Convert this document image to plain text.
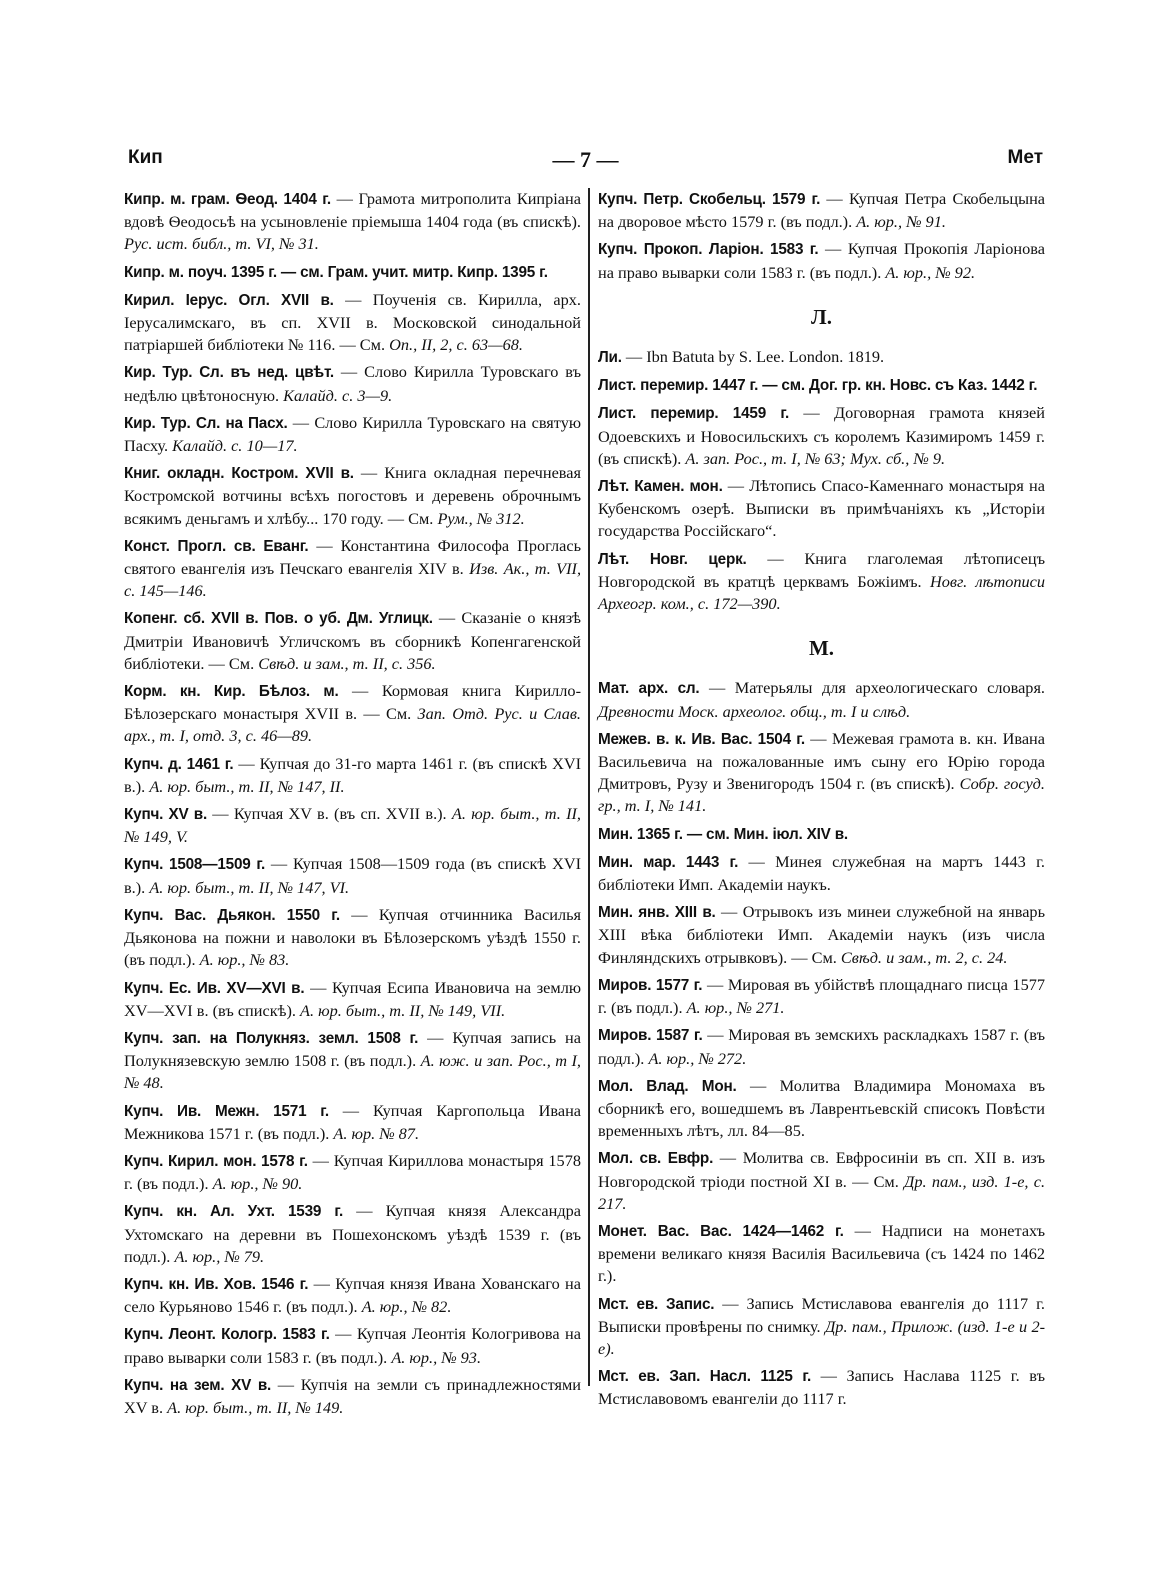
Кип	— 7 —	Мет
Кипр. м. грам. Ѳеод. 1404 г. — Грамота митрополита Кипріана вдовѣ Ѳеодосьѣ на усыновленіе пріемыша 1404 года (въ спискѣ). Рус. ист. библ., т. VI, № 31.
Кипр. м. поуч. 1395 г. — см. Грам. учит. митр. Кипр. 1395 г.
Кирил. Іерус. Огл. XVII в. — Поученія св. Кирилла, арх. Іерусалимскаго, въ сп. XVII в. Московской синодальной патріаршей библіотеки № 116. — См. Оп., II, 2, с. 63—68.
Кир. Тур. Сл. въ нед. цвѣт. — Слово Кирилла Туровскаго въ недѣлю цвѣтоносную. Калайд. с. 3—9.
Кир. Тур. Сл. на Пасх. — Слово Кирилла Туровскаго на святую Пасху. Калайд. с. 10—17.
Книг. окладн. Костром. XVII в. — Книга окладная перечневая Костромской вотчины всѣхъ погостовъ и деревень оброчнымъ всякимъ деньгамъ и хлѣбу... 170 году. — См. Рум., № 312.
Конст. Прогл. св. Еванг. — Константина Философа Проглась святого евангелія изъ Печскаго евангелія XIV в. Изв. Ак., т. VII, с. 145—146.
Копенг. сб. XVII в. Пов. о уб. Дм. Углицк. — Сказаніе о князѣ Дмитріи Ивановичѣ Угличскомъ въ сборникѣ Копенгагенской библіотеки. — См. Свѣд. и зам., т. II, с. 356.
Корм. кн. Кир. Бѣлоз. м. — Кормовая книга Кирилло-Бѣлозерскаго монастыря XVII в. — См. Зап. Отд. Рус. и Слав. арх., т. I, отд. 3, с. 46—89.
Купч. д. 1461 г. — Купчая до 31-го марта 1461 г. (въ спискѣ XVI в.). А. юр. быт., т. II, № 147, II.
Купч. XV в. — Купчая XV в. (въ сп. XVII в.). А. юр. быт., т. II, № 149, V.
Купч. 1508—1509 г. — Купчая 1508—1509 года (въ спискѣ XVI в.). А. юр. быт., т. II, № 147, VI.
Купч. Вас. Дьякон. 1550 г. — Купчая отчинника Василья Дьяконова на пожни и наволоки въ Бѣлозерскомъ уѣздѣ 1550 г. (въ подл.). А. юр., № 83.
Купч. Ес. Ив. XV—XVI в. — Купчая Есипа Ивановича на землю XV—XVI в. (въ спискѣ). А. юр. быт., т. II, № 149, VII.
Купч. зап. на Полукняз. земл. 1508 г. — Купчая запись на Полукнязевскую землю 1508 г. (въ подл.). А. юж. и зап. Рос., т I, № 48.
Купч. Ив. Межн. 1571 г. — Купчая Каргопольца Ивана Межникова 1571 г. (въ подл.). А. юр. № 87.
Купч. Кирил. мон. 1578 г. — Купчая Кириллова монастыря 1578 г. (въ подл.). А. юр., № 90.
Купч. кн. Ал. Ухт. 1539 г. — Купчая князя Александра Ухтомскаго на деревни въ Пошехонскомъ уѣздѣ 1539 г. (въ подл.). А. юр., № 79.
Купч. кн. Ив. Хов. 1546 г. — Купчая князя Ивана Хованскаго на село Курьяново 1546 г. (въ подл.). А. юр., № 82.
Купч. Леонт. Кологр. 1583 г. — Купчая Леонтія Кологривова на право выварки соли 1583 г. (въ подл.). А. юр., № 93.
Купч. на зем. XV в. — Купчія на земли съ принадлежностями XV в. А. юр. быт., т. II, № 149.
Купч. Петр. Скобельц. 1579 г. — Купчая Петра Скобельцына на дворовое мѣсто 1579 г. (въ подл.). А. юр., № 91.
Купч. Прокоп. Ларіон. 1583 г. — Купчая Прокопія Ларіонова на право выварки соли 1583 г. (въ подл.). А. юр., № 92.
Л.
Ли. — Ibn Batuta by S. Lee. London. 1819.
Лист. перемир. 1447 г. — см. Дог. гр. кн. Новс. съ Каз. 1442 г.
Лист. перемир. 1459 г. — Договорная грамота князей Одоевскихъ и Новосильскихъ съ королемъ Казимиромъ 1459 г. (въ спискѣ). А. зап. Рос., т. I, № 63; Мух. сб., № 9.
Лѣт. Камен. мон. — Лѣтопись Спасо-Каменнаго монастыря на Кубенскомъ озерѣ. Выписки въ примѣчаніяхъ къ „Исторіи государства Россійскаго“.
Лѣт. Новг. церк. — Книга глаголемая лѣтописецъ Новгородской въ кратцѣ церквамъ Божіимъ. Новг. лѣтописи Археогр. ком., с. 172—390.
М.
Мат. арх. сл. — Матерьялы для археологическаго словаря. Древности Моск. археолог. общ., т. I и слѣд.
Межев. в. к. Ив. Вас. 1504 г. — Межевая грамота в. кн. Ивана Васильевича на пожалованные имъ сыну его Юрію города Дмитровъ, Рузу и Звенигородъ 1504 г. (въ спискѣ). Собр. госуд. гр., т. I, № 141.
Мин. 1365 г. — см. Мин. іюл. XIV в.
Мин. мар. 1443 г. — Минея служебная на мартъ 1443 г. библіотеки Имп. Академіи наукъ.
Мин. янв. XIII в. — Отрывокъ изъ минеи служебной на январь XIII вѣка библіотеки Имп. Академіи наукъ (изъ числа Финляндскихъ отрывковъ). — См. Свѣд. и зам., т. 2, с. 24.
Миров. 1577 г. — Мировая въ убійствѣ площаднаго писца 1577 г. (въ подл.). А. юр., № 271.
Миров. 1587 г. — Мировая въ земскихъ раскладкахъ 1587 г. (въ подл.). А. юр., № 272.
Мол. Влад. Мон. — Молитва Владимира Мономаха въ сборникѣ его, вошедшемъ въ Лаврентьевскій списокъ Повѣсти временныхъ лѣтъ, лл. 84—85.
Мол. св. Евфр. — Молитва св. Евфросиніи въ сп. XII в. изъ Новгородской тріоди постной XI в. — См. Др. пам., изд. 1-е, с. 217.
Монет. Вас. Вас. 1424—1462 г. — Надписи на монетахъ времени великаго князя Василія Васильевича (съ 1424 по 1462 г.).
Мст. ев. Запис. — Запись Мстиславова евангелія до 1117 г. Выписки провѣрены по снимку. Др. пам., Прилож. (изд. 1-е и 2-е).
Мст. ев. Зап. Насл. 1125 г. — Запись Наслава 1125 г. въ Мстиславовомъ евангеліи до 1117 г.
